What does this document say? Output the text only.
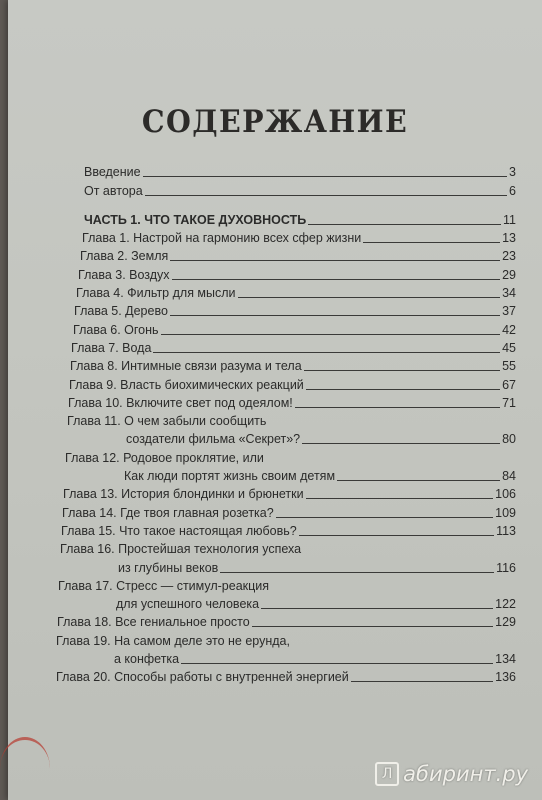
СОДЕРЖАНИЕ
Введение	3
От автора	6
ЧАСТЬ 1. ЧТО ТАКОЕ ДУХОВНОСТЬ	11
Глава 1. Настрой на гармонию всех сфер жизни	13
Глава 2. Земля	23
Глава 3. Воздух	29
Глава 4. Фильтр для мысли	34
Глава 5. Дерево	37
Глава 6. Огонь	42
Глава 7. Вода	45
Глава 8. Интимные связи разума и тела	55
Глава 9. Власть биохимических реакций	67
Глава 10. Включите свет под одеялом!	71
Глава 11. О чем забыли сообщить
создатели фильма «Секрет»?	80
Глава 12. Родовое проклятие, или
Как люди портят жизнь своим детям	84
Глава 13. История блондинки и брюнетки	106
Глава 14. Где твоя главная розетка?	109
Глава 15. Что такое настоящая любовь?	113
Глава 16. Простейшая технология успеха
из глубины веков	116
Глава 17. Стресс — стимул-реакция
для успешного человека	122
Глава 18. Все гениальное просто	129
Глава 19. На самом деле это не ерунда,
а конфетка	134
Глава 20. Способы работы с внутренней энергией	136
Л абиринт.ру
